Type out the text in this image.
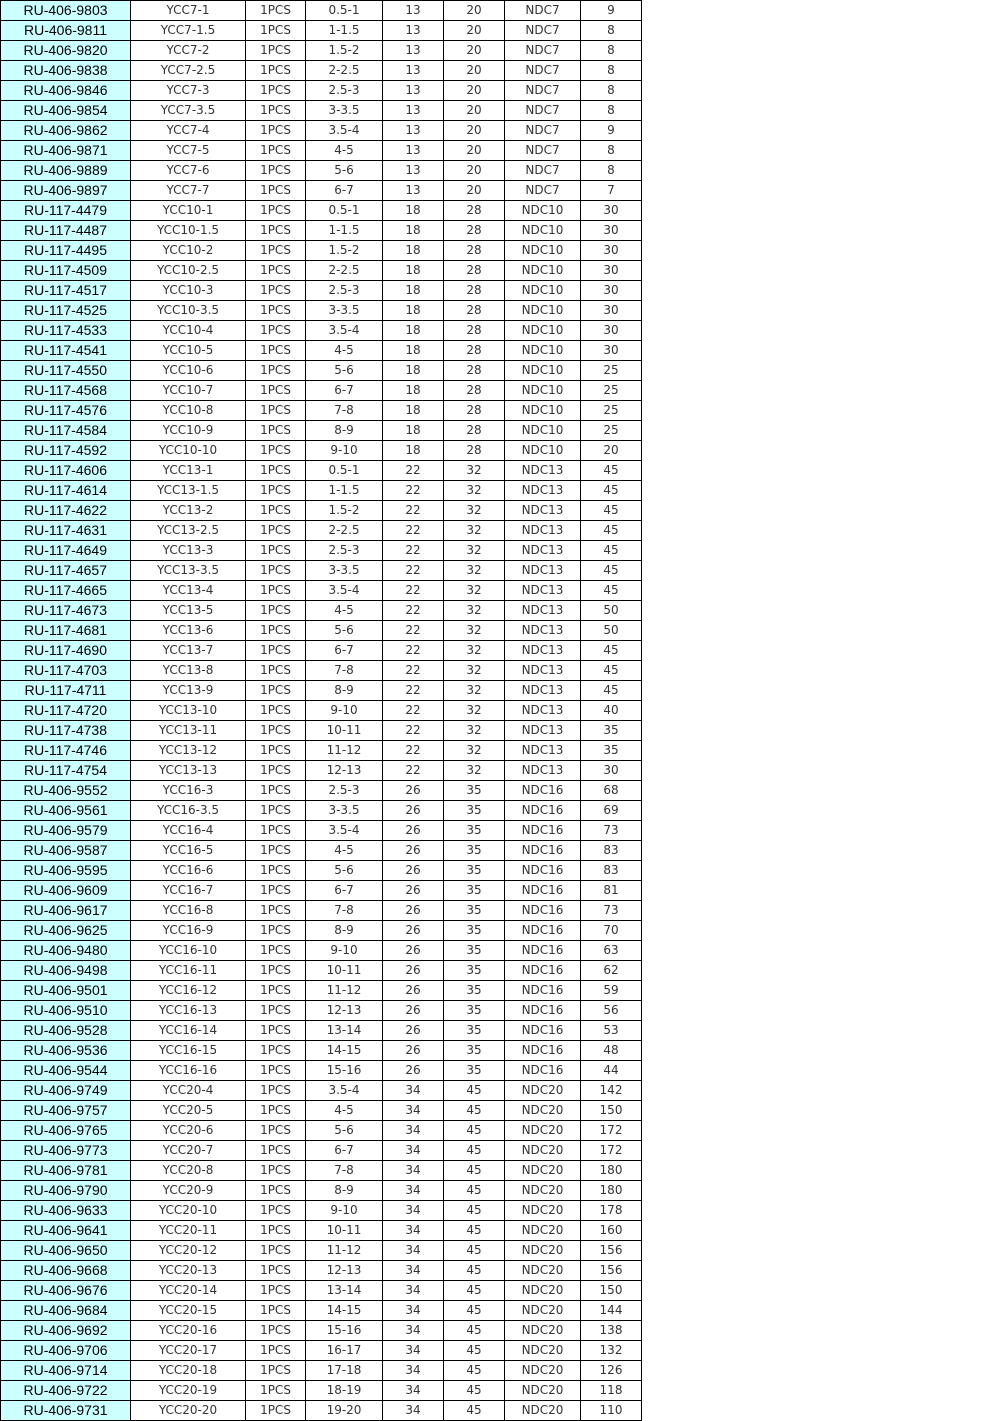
RU-406-9803	YCC7-1	1PCS	0.5-1	13	20	NDC7	9
RU-406-9811	YCC7-1.5	1PCS	1-1.5	13	20	NDC7	8
RU-406-9820	YCC7-2	1PCS	1.5-2	13	20	NDC7	8
RU-406-9838	YCC7-2.5	1PCS	2-2.5	13	20	NDC7	8
RU-406-9846	YCC7-3	1PCS	2.5-3	13	20	NDC7	8
RU-406-9854	YCC7-3.5	1PCS	3-3.5	13	20	NDC7	8
RU-406-9862	YCC7-4	1PCS	3.5-4	13	20	NDC7	9
RU-406-9871	YCC7-5	1PCS	4-5	13	20	NDC7	8
RU-406-9889	YCC7-6	1PCS	5-6	13	20	NDC7	8
RU-406-9897	YCC7-7	1PCS	6-7	13	20	NDC7	7
RU-117-4479	YCC10-1	1PCS	0.5-1	18	28	NDC10	30
RU-117-4487	YCC10-1.5	1PCS	1-1.5	18	28	NDC10	30
RU-117-4495	YCC10-2	1PCS	1.5-2	18	28	NDC10	30
RU-117-4509	YCC10-2.5	1PCS	2-2.5	18	28	NDC10	30
RU-117-4517	YCC10-3	1PCS	2.5-3	18	28	NDC10	30
RU-117-4525	YCC10-3.5	1PCS	3-3.5	18	28	NDC10	30
RU-117-4533	YCC10-4	1PCS	3.5-4	18	28	NDC10	30
RU-117-4541	YCC10-5	1PCS	4-5	18	28	NDC10	30
RU-117-4550	YCC10-6	1PCS	5-6	18	28	NDC10	25
RU-117-4568	YCC10-7	1PCS	6-7	18	28	NDC10	25
RU-117-4576	YCC10-8	1PCS	7-8	18	28	NDC10	25
RU-117-4584	YCC10-9	1PCS	8-9	18	28	NDC10	25
RU-117-4592	YCC10-10	1PCS	9-10	18	28	NDC10	20
RU-117-4606	YCC13-1	1PCS	0.5-1	22	32	NDC13	45
RU-117-4614	YCC13-1.5	1PCS	1-1.5	22	32	NDC13	45
RU-117-4622	YCC13-2	1PCS	1.5-2	22	32	NDC13	45
RU-117-4631	YCC13-2.5	1PCS	2-2.5	22	32	NDC13	45
RU-117-4649	YCC13-3	1PCS	2.5-3	22	32	NDC13	45
RU-117-4657	YCC13-3.5	1PCS	3-3.5	22	32	NDC13	45
RU-117-4665	YCC13-4	1PCS	3.5-4	22	32	NDC13	45
RU-117-4673	YCC13-5	1PCS	4-5	22	32	NDC13	50
RU-117-4681	YCC13-6	1PCS	5-6	22	32	NDC13	50
RU-117-4690	YCC13-7	1PCS	6-7	22	32	NDC13	45
RU-117-4703	YCC13-8	1PCS	7-8	22	32	NDC13	45
RU-117-4711	YCC13-9	1PCS	8-9	22	32	NDC13	45
RU-117-4720	YCC13-10	1PCS	9-10	22	32	NDC13	40
RU-117-4738	YCC13-11	1PCS	10-11	22	32	NDC13	35
RU-117-4746	YCC13-12	1PCS	11-12	22	32	NDC13	35
RU-117-4754	YCC13-13	1PCS	12-13	22	32	NDC13	30
RU-406-9552	YCC16-3	1PCS	2.5-3	26	35	NDC16	68
RU-406-9561	YCC16-3.5	1PCS	3-3.5	26	35	NDC16	69
RU-406-9579	YCC16-4	1PCS	3.5-4	26	35	NDC16	73
RU-406-9587	YCC16-5	1PCS	4-5	26	35	NDC16	83
RU-406-9595	YCC16-6	1PCS	5-6	26	35	NDC16	83
RU-406-9609	YCC16-7	1PCS	6-7	26	35	NDC16	81
RU-406-9617	YCC16-8	1PCS	7-8	26	35	NDC16	73
RU-406-9625	YCC16-9	1PCS	8-9	26	35	NDC16	70
RU-406-9480	YCC16-10	1PCS	9-10	26	35	NDC16	63
RU-406-9498	YCC16-11	1PCS	10-11	26	35	NDC16	62
RU-406-9501	YCC16-12	1PCS	11-12	26	35	NDC16	59
RU-406-9510	YCC16-13	1PCS	12-13	26	35	NDC16	56
RU-406-9528	YCC16-14	1PCS	13-14	26	35	NDC16	53
RU-406-9536	YCC16-15	1PCS	14-15	26	35	NDC16	48
RU-406-9544	YCC16-16	1PCS	15-16	26	35	NDC16	44
RU-406-9749	YCC20-4	1PCS	3.5-4	34	45	NDC20	142
RU-406-9757	YCC20-5	1PCS	4-5	34	45	NDC20	150
RU-406-9765	YCC20-6	1PCS	5-6	34	45	NDC20	172
RU-406-9773	YCC20-7	1PCS	6-7	34	45	NDC20	172
RU-406-9781	YCC20-8	1PCS	7-8	34	45	NDC20	180
RU-406-9790	YCC20-9	1PCS	8-9	34	45	NDC20	180
RU-406-9633	YCC20-10	1PCS	9-10	34	45	NDC20	178
RU-406-9641	YCC20-11	1PCS	10-11	34	45	NDC20	160
RU-406-9650	YCC20-12	1PCS	11-12	34	45	NDC20	156
RU-406-9668	YCC20-13	1PCS	12-13	34	45	NDC20	156
RU-406-9676	YCC20-14	1PCS	13-14	34	45	NDC20	150
RU-406-9684	YCC20-15	1PCS	14-15	34	45	NDC20	144
RU-406-9692	YCC20-16	1PCS	15-16	34	45	NDC20	138
RU-406-9706	YCC20-17	1PCS	16-17	34	45	NDC20	132
RU-406-9714	YCC20-18	1PCS	17-18	34	45	NDC20	126
RU-406-9722	YCC20-19	1PCS	18-19	34	45	NDC20	118
RU-406-9731	YCC20-20	1PCS	19-20	34	45	NDC20	110
